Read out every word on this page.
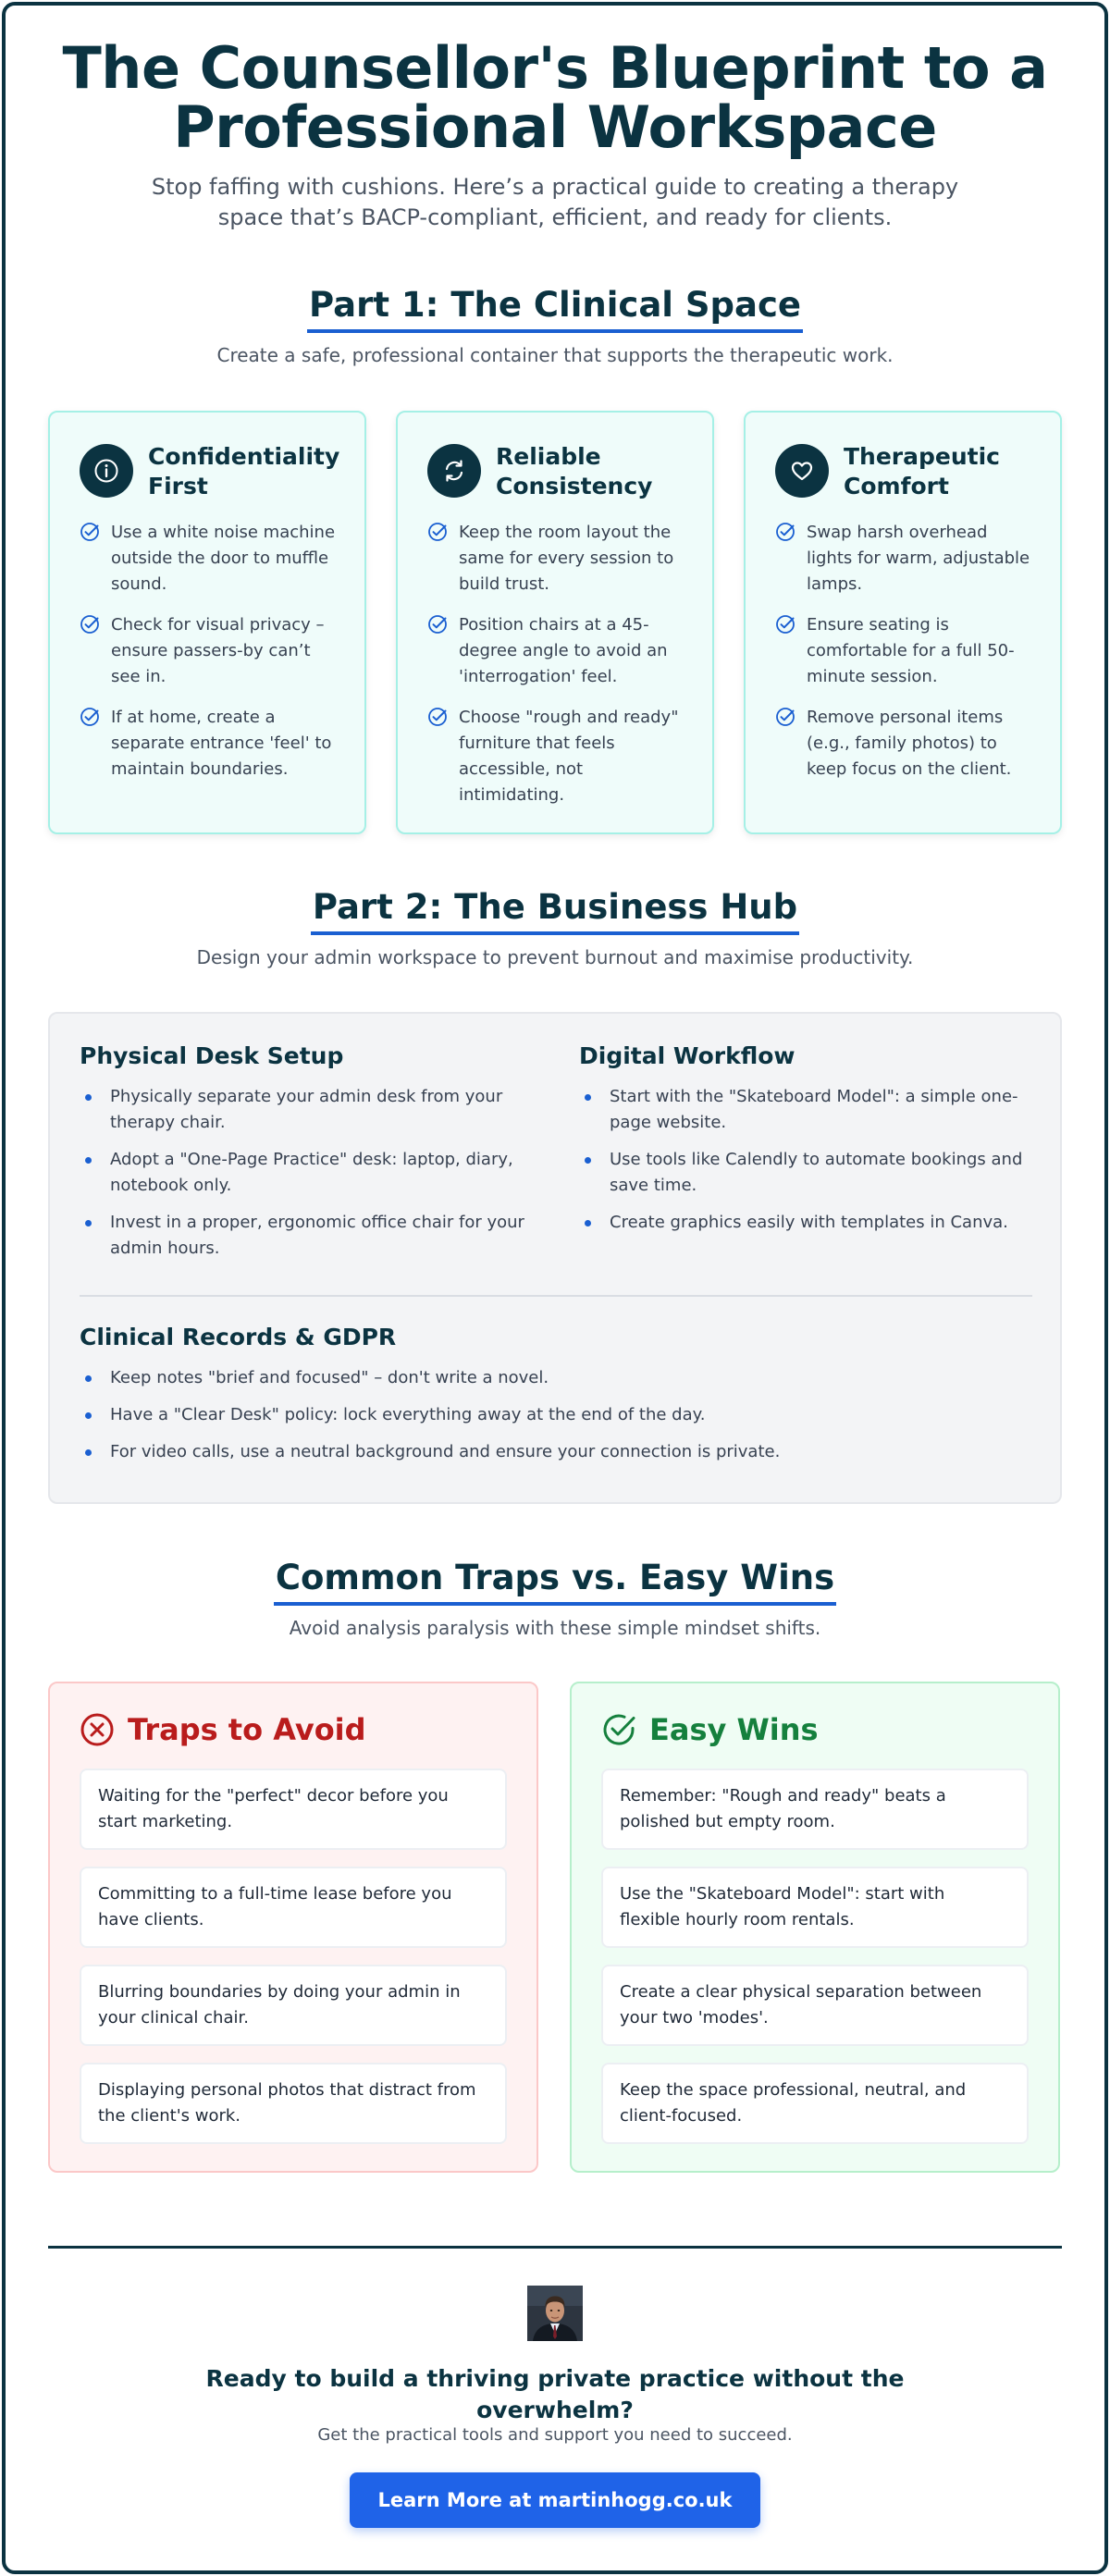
The Counsellor's Blueprint to a Professional Workspace

Stop faffing with cushions. Here’s a practical guide to creating a therapy space that’s BACP-compliant, efficient, and ready for clients.

Part 1: The Clinical Space

Create a safe, professional container that supports the therapeutic work.

Confidentiality First
Use a white noise machine outside the door to muffle sound.
Check for visual privacy – ensure passers-by can’t see in.
If at home, create a separate entrance 'feel' to maintain boundaries.
Reliable Consistency
Keep the room layout the same for every session to build trust.
Position chairs at a 45-degree angle to avoid an 'interrogation' feel.
Choose "rough and ready" furniture that feels accessible, not intimidating.
Therapeutic Comfort
Swap harsh overhead lights for warm, adjustable lamps.
Ensure seating is comfortable for a full 50-minute session.
Remove personal items (e.g., family photos) to keep focus on the client.
Part 2: The Business Hub

Design your admin workspace to prevent burnout and maximise productivity.

Physical Desk Setup
Physically separate your admin desk from your therapy chair.
Adopt a "One-Page Practice" desk: laptop, diary, notebook only.
Invest in a proper, ergonomic office chair for your admin hours.
Digital Workflow
Start with the "Skateboard Model": a simple one-page website.
Use tools like Calendly to automate bookings and save time.
Create graphics easily with templates in Canva.
Clinical Records & GDPR
Keep notes "brief and focused" – don't write a novel.
Have a "Clear Desk" policy: lock everything away at the end of the day.
For video calls, use a neutral background and ensure your connection is private.
Common Traps vs. Easy Wins

Avoid analysis paralysis with these simple mindset shifts.

Traps to Avoid
Waiting for the "perfect" decor before you start marketing.
Committing to a full-time lease before you have clients.
Blurring boundaries by doing your admin in your clinical chair.
Displaying personal photos that distract from the client's work.
Easy Wins
Remember: "Rough and ready" beats a polished but empty room.
Use the "Skateboard Model": start with flexible hourly room rentals.
Create a clear physical separation between your two 'modes'.
Keep the space professional, neutral, and client-focused.
Ready to build a thriving private practice without the overwhelm?
Get the practical tools and support you need to succeed.
Learn More at martinhogg.co.uk
